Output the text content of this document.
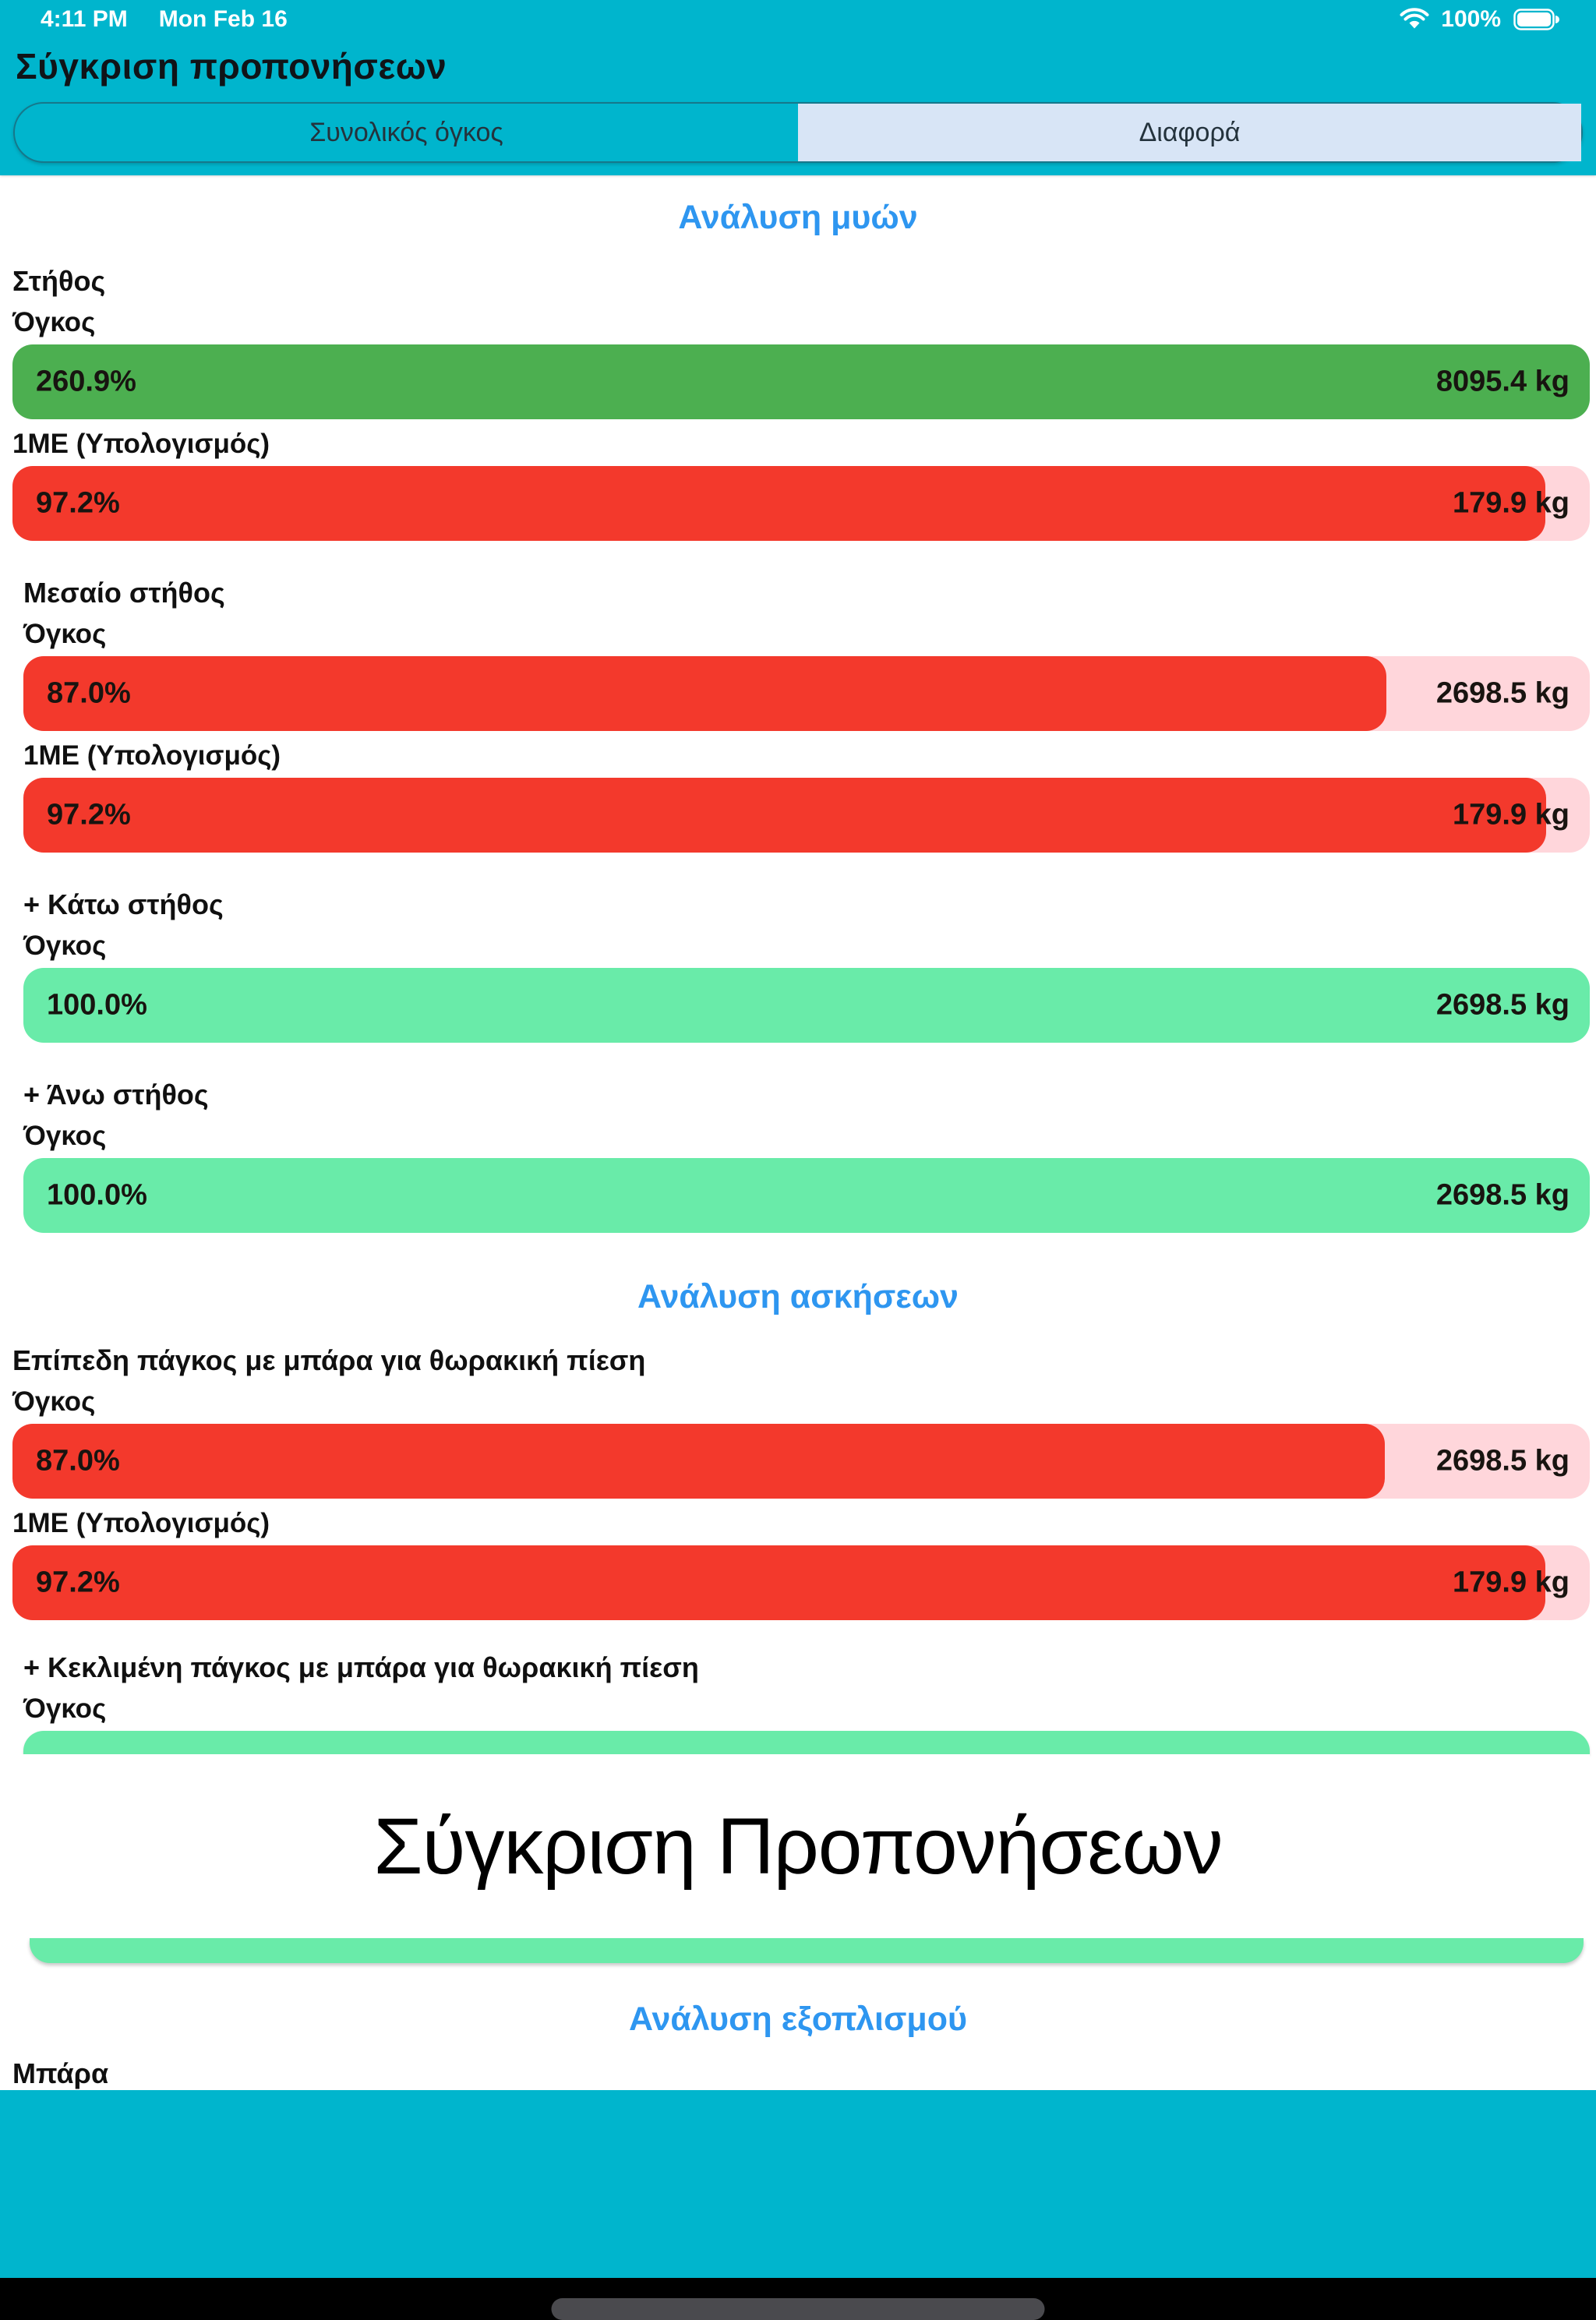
4:11 PM Mon Feb 16	100%
Σύγκριση προπονήσεων
Συνολικός όγκος	Διαφορά
Ανάλυση μυών
Στήθος
Όγκος
260.9%	8095.4 kg
1ΜΕ (Υπολογισμός)
97.2%	179.9 kg
Μεσαίο στήθος
Όγκος
87.0%	2698.5 kg
1ΜΕ (Υπολογισμός)
97.2%	179.9 kg
+ Κάτω στήθος
Όγκος
100.0%	2698.5 kg
+ Άνω στήθος
Όγκος
100.0%	2698.5 kg
Ανάλυση ασκήσεων
Επίπεδη πάγκος με μπάρα για θωρακική πίεση
Όγκος
87.0%	2698.5 kg
1ΜΕ (Υπολογισμός)
97.2%	179.9 kg
+ Κεκλιμένη πάγκος με μπάρα για θωρακική πίεση
Όγκος
Σύγκριση Προπονήσεων
Ανάλυση εξοπλισμού
Μπάρα
